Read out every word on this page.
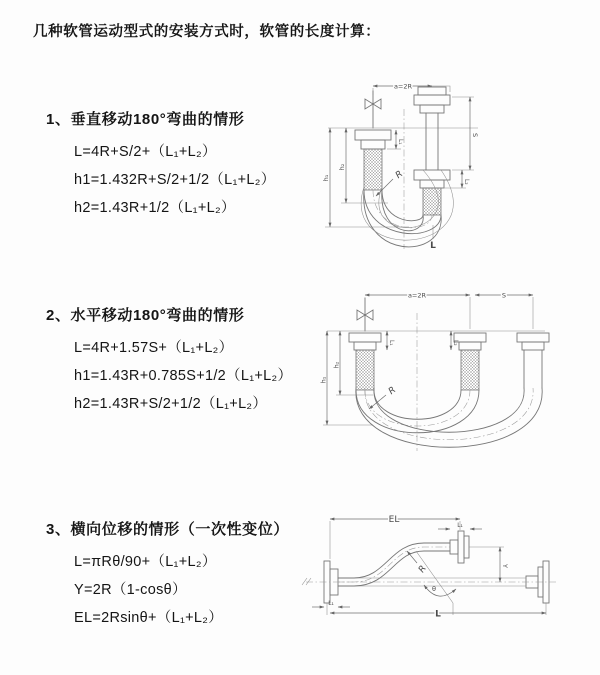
几种软管运动型式的安装方式时，软管的长度计算：
1、垂直移动180°弯曲的情形
L=4R+S/2+（L₁+L₂）
h1=1.432R+S/2+1/2（L₁+L₂）
h2=1.43R+1/2（L₁+L₂）
2、水平移动180°弯曲的情形
L=4R+1.57S+（L₁+L₂）
h1=1.43R+0.785S+1/2（L₁+L₂）
h2=1.43R+S/2+1/2（L₁+L₂）
3、横向位移的情形（一次性变位）
L=πRθ/90+（L₁+L₂）
Y=2R（1-cosθ）
EL=2Rsinθ+（L₁+L₂）
a=2R
L₁
S
L₂
h₁
h₂
R
L
a=2R	S
L₁	L₂
h₁
h₂
R
EL
L₁
Y
θ
R
L
L₁
